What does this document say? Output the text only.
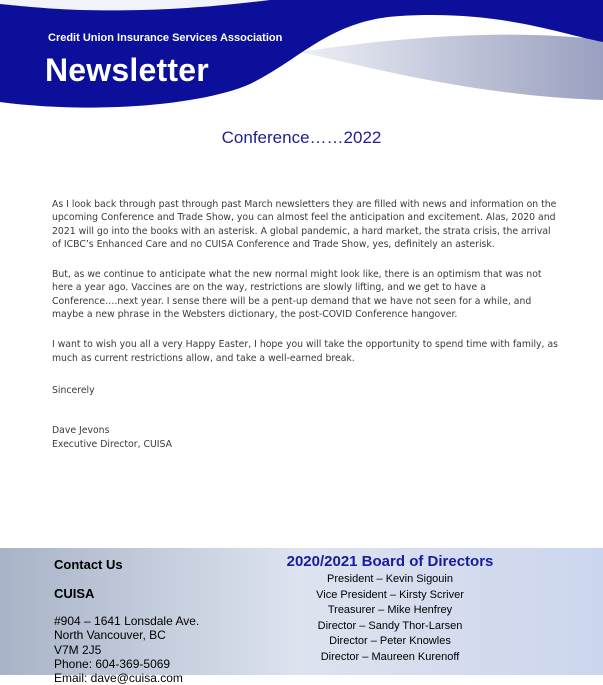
Credit Union Insurance Services Association
Newsletter
Conference……2022

As I look back through past through past March newsletters they are filled with news and information on the upcoming Conference and Trade Show, you can almost feel the anticipation and excitement. Alas, 2020 and 2021 will go into the books with an asterisk. A global pandemic, a hard market, the strata crisis, the arrival of ICBC’s Enhanced Care and no CUISA Conference and Trade Show, yes, definitely an asterisk.

But, as we continue to anticipate what the new normal might look like, there is an optimism that was not here a year ago. Vaccines are on the way, restrictions are slowly lifting, and we get to have a Conference….next year. I sense there will be a pent-up demand that we have not seen for a while, and maybe a new phrase in the Websters dictionary, the post-COVID Conference hangover.

I want to wish you all a very Happy Easter, I hope you will take the opportunity to spend time with family, as much as current restrictions allow, and take a well-earned break.

Sincerely

Dave Jevons

Executive Director, CUISA

Contact Us
CUISA
#904 – 1641 Lonsdale Ave.
North Vancouver, BC
V7M 2J5
Phone: 604-369-5069
Email: dave@cuisa.com
2020/2021 Board of Directors
President – Kevin Sigouin
Vice President – Kirsty Scriver
Treasurer – Mike Henfrey
Director – Sandy Thor-Larsen
Director – Peter Knowles
Director – Maureen Kurenoff
